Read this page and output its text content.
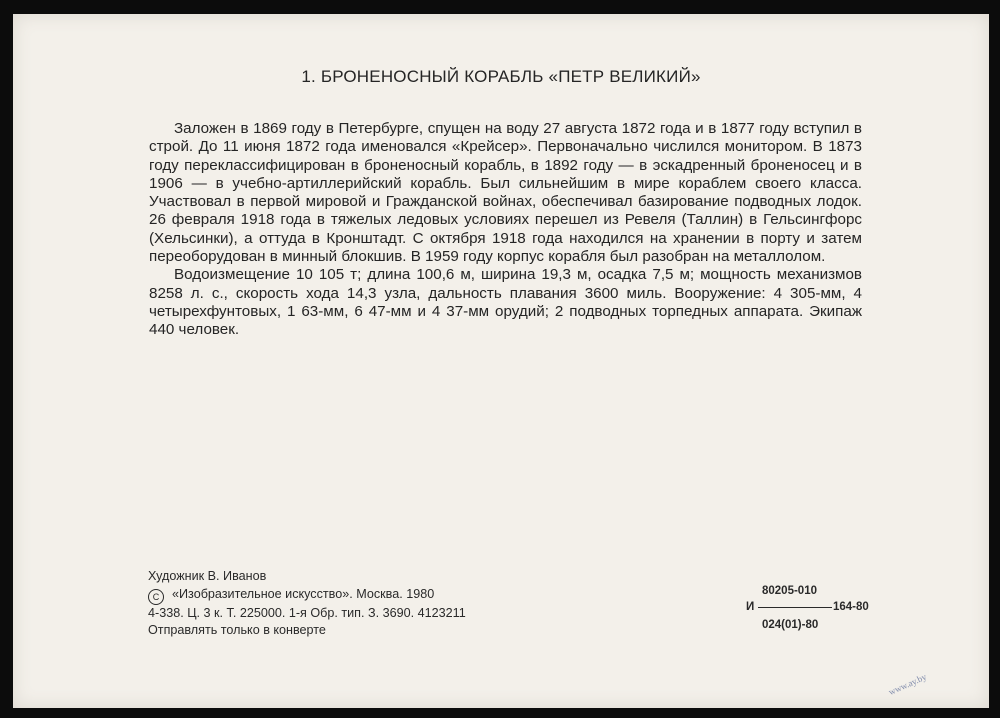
1. БРОНЕНОСНЫЙ КОРАБЛЬ «ПЕТР ВЕЛИКИЙ»

Заложен в 1869 году в Петербурге, спущен на воду 27 августа 1872 года и в 1877 году вступил в строй. До 11 июня 1872 года именовался «Крейсер». Первоначально числился монитором. В 1873 году переклассифицирован в броненосный корабль, в 1892 году — в эскадренный броненосец и в 1906 — в учебно-артиллерийский корабль. Был сильнейшим в мире кораблем своего класса. Участвовал в первой мировой и Гражданской войнах, обеспечивал базирование подводных лодок. 26 февраля 1918 года в тяжелых ледовых условиях перешел из Ревеля (Таллин) в Гельсингфорс (Хельсинки), а оттуда в Кронштадт. С октября 1918 года находился на хранении в порту и затем переоборудован в минный блокшив. В 1959 году корпус корабля был разобран на металлолом.

Водоизмещение 10 105 т; длина 100,6 м, ширина 19,3 м, осадка 7,5 м; мощность механизмов 8258 л. с., скорость хода 14,3 узла, дальность плавания 3600 миль. Вооружение: 4 305-мм, 4 четырехфунтовых, 1 63-мм, 6 47-мм и 4 37-мм орудий; 2 подводных торпедных аппарата. Экипаж 440 человек.

Художник В. Иванов
С «Изобразительное искусство». Москва. 1980
4-338. Ц. 3 к. Т. 225000. 1-я Обр. тип. З. 3690. 4123211
Отправлять только в конверте
80205-010
И	164-80
024(01)-80
www.ay.by
